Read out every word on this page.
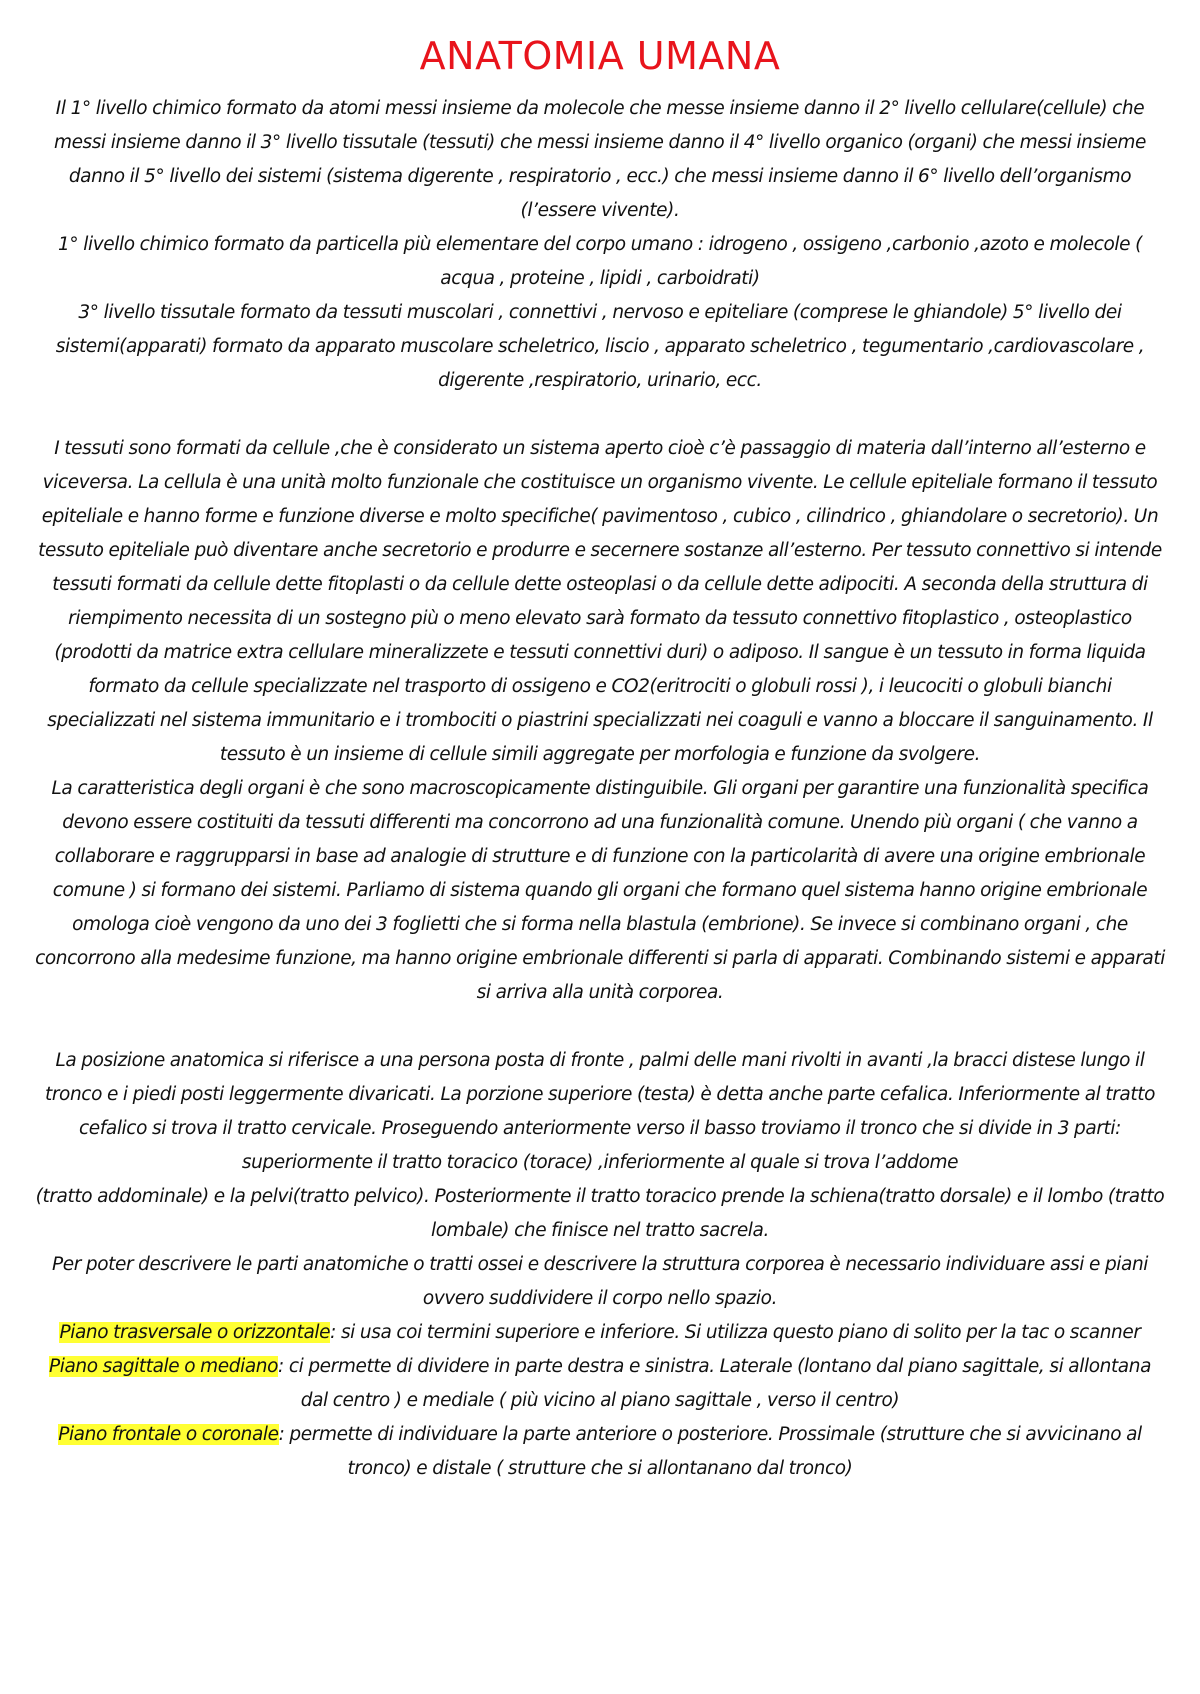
ANATOMIA UMANA

Il 1° livello chimico formato da atomi messi insieme da molecole che messe insieme danno il 2° livello cellulare(cellule) che messi insieme danno il 3° livello tissutale (tessuti) che messi insieme danno il 4° livello organico (organi) che messi insieme danno il 5° livello dei sistemi (sistema digerente , respiratorio , ecc.) che messi insieme danno il 6° livello dell’organismo (l’essere vivente).

1° livello chimico formato da particella più elementare del corpo umano : idrogeno , ossigeno ,carbonio ,azoto e molecole ( acqua , proteine , lipidi , carboidrati)

3° livello tissutale formato da tessuti muscolari , connettivi , nervoso e epiteliare (comprese le ghiandole) 5° livello dei sistemi(apparati) formato da apparato muscolare scheletrico, liscio , apparato scheletrico , tegumentario ,cardiovascolare , digerente ,respiratorio, urinario, ecc.

I tessuti sono formati da cellule ,che è considerato un sistema aperto cioè c’è passaggio di materia dall’interno all’esterno e viceversa. La cellula è una unità molto funzionale che costituisce un organismo vivente. Le cellule epiteliale formano il tessuto epiteliale e hanno forme e funzione diverse e molto specifiche( pavimentoso , cubico , cilindrico , ghiandolare o secretorio). Un tessuto epiteliale può diventare anche secretorio e produrre e secernere sostanze all’esterno. Per tessuto connettivo si intende tessuti formati da cellule dette fitoplasti o da cellule dette osteoplasi o da cellule dette adipociti. A seconda della struttura di riempimento necessita di un sostegno più o meno elevato sarà formato da tessuto connettivo fitoplastico , osteoplastico (prodotti da matrice extra cellulare mineralizzete e tessuti connettivi duri) o adiposo. Il sangue è un tessuto in forma liquida formato da cellule specializzate nel trasporto di ossigeno e CO2(eritrociti o globuli rossi ), i leucociti o globuli bianchi specializzati nel sistema immunitario e i trombociti o piastrini specializzati nei coaguli e vanno a bloccare il sanguinamento. Il tessuto è un insieme di cellule simili aggregate per morfologia e funzione da svolgere.

La caratteristica degli organi è che sono macroscopicamente distinguibile. Gli organi per garantire una funzionalità specifica devono essere costituiti da tessuti differenti ma concorrono ad una funzionalità comune. Unendo più organi ( che vanno a collaborare e raggrupparsi in base ad analogie di strutture e di funzione con la particolarità di avere una origine embrionale comune ) si formano dei sistemi. Parliamo di sistema quando gli organi che formano quel sistema hanno origine embrionale omologa cioè vengono da uno dei 3 foglietti che si forma nella blastula (embrione). Se invece si combinano organi , che concorrono alla medesime funzione, ma hanno origine embrionale differenti si parla di apparati. Combinando sistemi e apparati si arriva alla unità corporea.

La posizione anatomica si riferisce a una persona posta di fronte , palmi delle mani rivolti in avanti ,la bracci distese lungo il tronco e i piedi posti leggermente divaricati. La porzione superiore (testa) è detta anche parte cefalica. Inferiormente al tratto cefalico si trova il tratto cervicale. Proseguendo anteriormente verso il basso troviamo il tronco che si divide in 3 parti: superiormente il tratto toracico (torace) ,inferiormente al quale si trova l’addome

(tratto addominale) e la pelvi(tratto pelvico). Posteriormente il tratto toracico prende la schiena(tratto dorsale) e il lombo (tratto lombale) che finisce nel tratto sacrela.

Per poter descrivere le parti anatomiche o tratti ossei e descrivere la struttura corporea è necessario individuare assi e piani ovvero suddividere il corpo nello spazio.

Piano trasversale o orizzontale: si usa coi termini superiore e inferiore. Si utilizza questo piano di solito per la tac o scanner

Piano sagittale o mediano: ci permette di dividere in parte destra e sinistra. Laterale (lontano dal piano sagittale, si allontana dal centro ) e mediale ( più vicino al piano sagittale , verso il centro)

Piano frontale o coronale: permette di individuare la parte anteriore o posteriore. Prossimale (strutture che si avvicinano al tronco) e distale ( strutture che si allontanano dal tronco)
